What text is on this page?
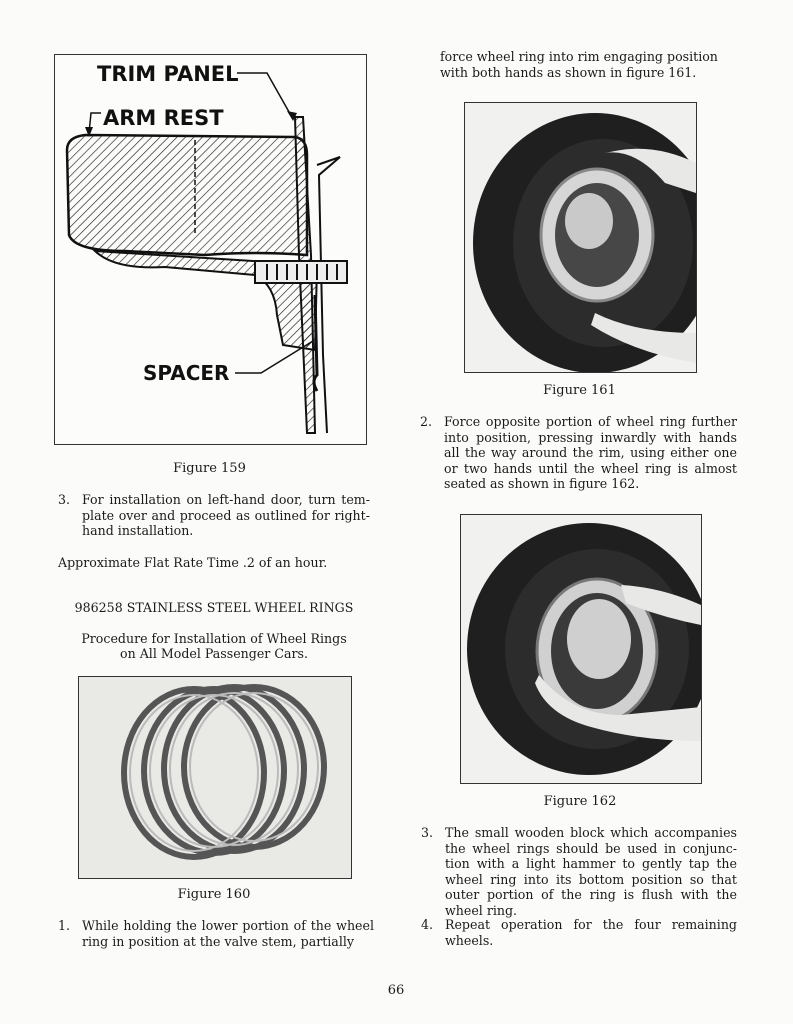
TRIM PANEL
ARM REST
SPACER
Figure 159
3. For installation on left-hand door, turn tem-plate over and proceed as outlined for right-hand installation.
Approximate Flat Rate Time .2 of an hour.
986258 STAINLESS STEEL WHEEL RINGS
Procedure for Installation of Wheel Rings
on All Model Passenger Cars.
Figure 160
1. While holding the lower portion of the wheel ring in position at the valve stem, partially
force wheel ring into rim engaging position
with both hands as shown in figure 161.
Figure 161
2. Force opposite portion of wheel ring further into position, pressing inwardly with hands all the way around the rim, using either one or two hands until the wheel ring is almost seated as shown in figure 162.
Figure 162
3. The small wooden block which accompanies the wheel rings should be used in conjunc-tion with a light hammer to gently tap the wheel ring into its bottom position so that outer portion of the ring is flush with the wheel ring.
4. Repeat operation for the four remaining wheels.
66
